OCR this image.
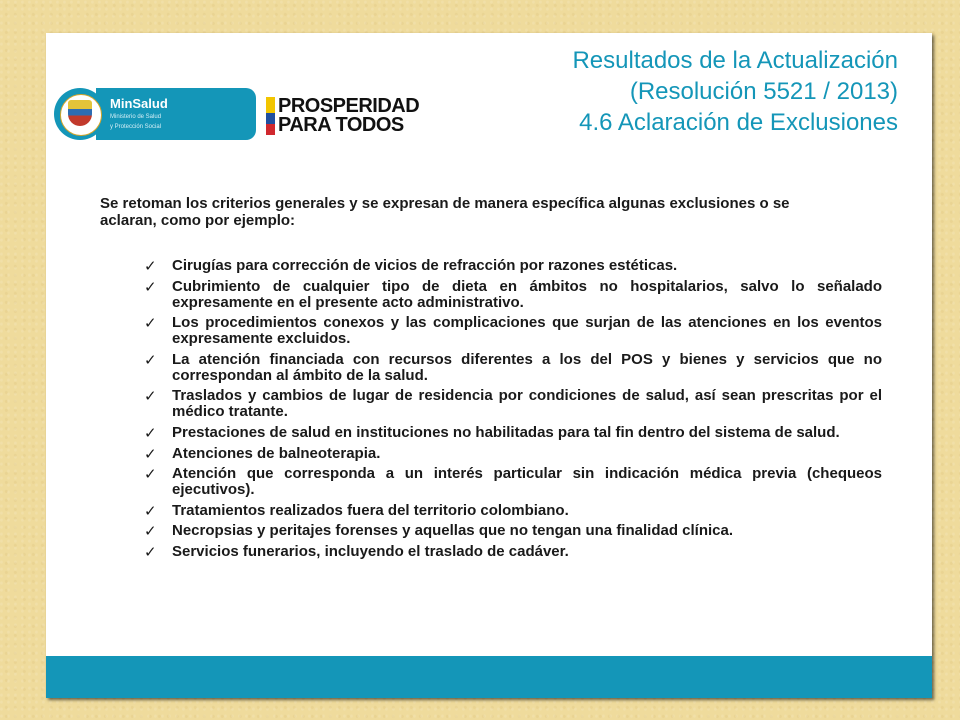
MinSalud
Ministerio de Salud
y Protección Social
PROSPERIDAD
PARA TODOS
Resultados de la Actualización
(Resolución 5521 / 2013)
4.6 Aclaración de Exclusiones
Se retoman los criterios generales y se expresan de manera específica algunas exclusiones o se aclaran, como por ejemplo:
✓ Cirugías para corrección de vicios de refracción por razones estéticas.
✓ Cubrimiento de cualquier tipo de dieta en ámbitos no hospitalarios, salvo lo señalado expresamente en el presente acto administrativo.
✓ Los procedimientos conexos y las complicaciones que surjan de las atenciones en los eventos expresamente excluidos.
✓ La atención financiada con recursos diferentes a los del POS y bienes y servicios que no correspondan al ámbito de la salud.
✓ Traslados y cambios de lugar de residencia por condiciones de salud, así sean prescritas por el médico tratante.
✓ Prestaciones de salud en instituciones no habilitadas para tal fin dentro del sistema de salud.
✓ Atenciones de balneoterapia.
✓ Atención que corresponda a un interés particular sin indicación médica previa (chequeos ejecutivos).
✓ Tratamientos realizados fuera del territorio colombiano.
✓ Necropsias y peritajes forenses y aquellas que no tengan una finalidad clínica.
✓ Servicios funerarios, incluyendo el traslado de cadáver.
